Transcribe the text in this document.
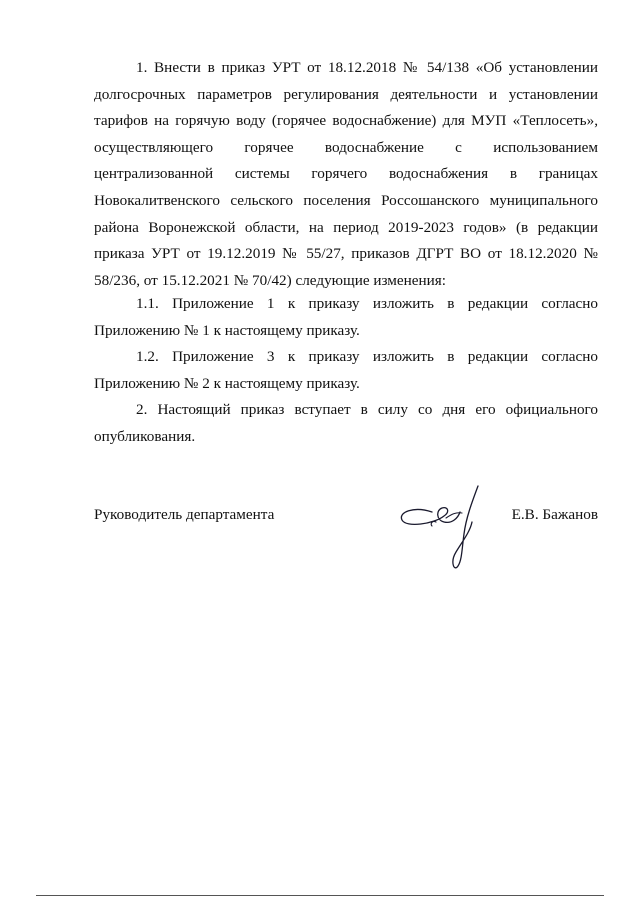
1. Внести в приказ УРТ от 18.12.2018 № 54/138 «Об установлении долгосрочных параметров регулирования деятельности и установлении тарифов на горячую воду (горячее водоснабжение) для МУП «Теплосеть», осуществляющего горячее водоснабжение с использованием централизованной системы горячего водоснабжения в границах Новокалитвенского сельского поселения Россошанского муниципального района Воронежской области, на период 2019-2023 годов» (в редакции приказа УРТ от 19.12.2019 № 55/27, приказов ДГРТ ВО от 18.12.2020 № 58/236, от 15.12.2021 № 70/42) следующие изменения:

1.1. Приложение 1 к приказу изложить в редакции согласно Приложению № 1 к настоящему приказу.

1.2. Приложение 3 к приказу изложить в редакции согласно Приложению № 2 к настоящему приказу.

2. Настоящий приказ вступает в силу со дня его официального опубликования.

Руководитель департамента	Е.В. Бажанов
